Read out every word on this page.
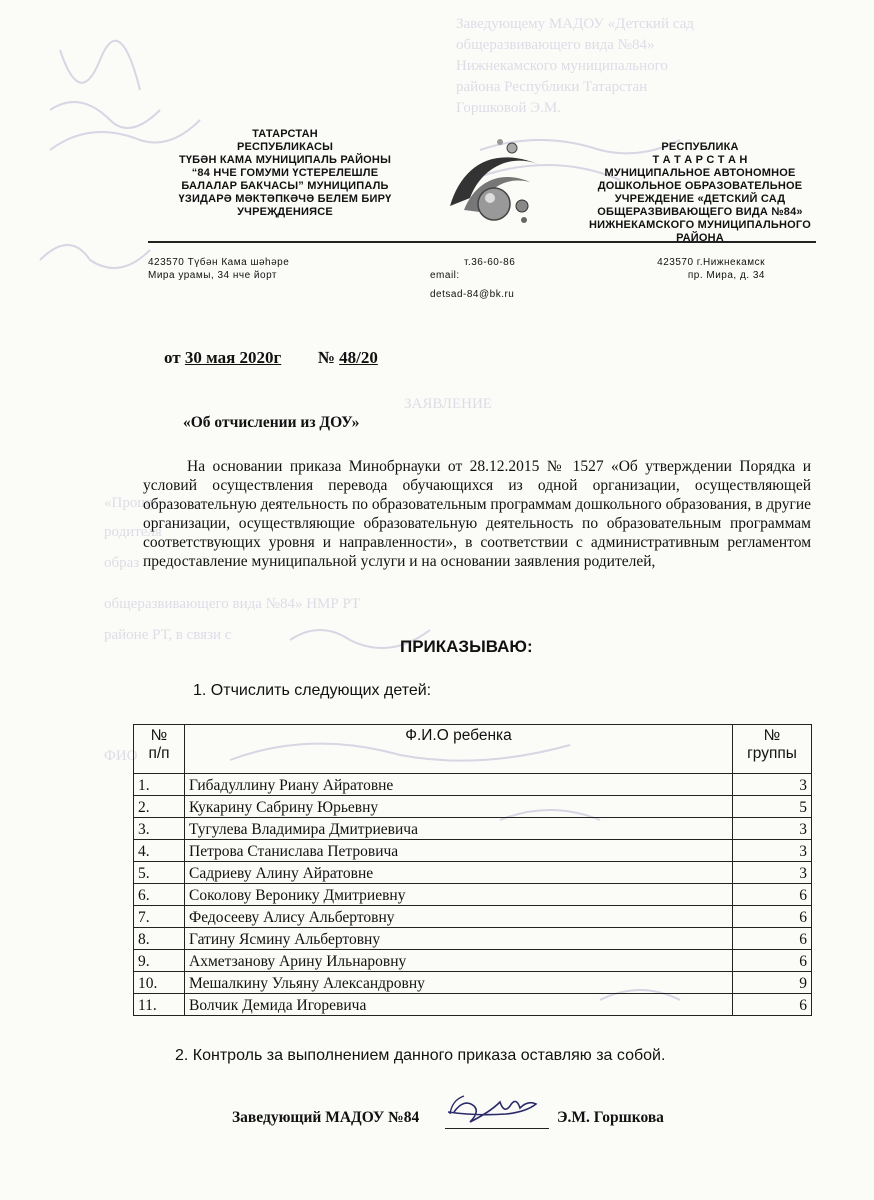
Заведующему МАДОУ «Детский сад
общеразвивающего вида №84»
Нижнекамского муниципального
района Республики Татарстан
Горшковой Э.М.
ЗАЯВЛЕНИЕ
«Прошу
родителя
образ
общеразвивающего вида №84» НМР РТ
районе РТ, в связи с
ФИО
ТАТАРСТАН
РЕСПУБЛИКАСЫ
ТҮБӘН КАМА МУНИЦИПАЛЬ РАЙОНЫ
“84 НЧЕ ГОМУМИ ҮСТЕРЕЛЕШЛЕ
БАЛАЛАР БАКЧАСЫ” МУНИЦИПАЛЬ
ҮЗИДАРӘ МӘКТӘПКӘЧӘ БЕЛЕМ БИРҮ
УЧРЕҖДЕНИЯСЕ
РЕСПУБЛИКА
Т А Т А Р С Т А Н
МУНИЦИПАЛЬНОЕ АВТОНОМНОЕ
ДОШКОЛЬНОЕ ОБРАЗОВАТЕЛЬНОЕ
УЧРЕЖДЕНИЕ «ДЕТСКИЙ САД
ОБЩЕРАЗВИВАЮЩЕГО ВИДА №84»
НИЖНЕКАМСКОГО МУНИЦИПАЛЬНОГО
РАЙОНА
423570 Түбән Кама шәһәре
Мира урамы, 34 нче йорт
т.36-60-86
email:
detsad-84@bk.ru
423570 г.Нижнекамск
пр. Мира, д. 34
от 30 мая 2020г № 48/20
«Об отчислении из ДОУ»
На основании приказа Минобрнауки от 28.12.2015 № 1527 «Об утверждении Порядка и условий осуществления перевода обучающихся из одной организации, осуществляющей образовательную деятельность по образовательным программам дошкольного образования, в другие организации, осуществляющие образовательную деятельность по образовательным программам соответствующих уровня и направленности», в соответствии с административным регламентом предоставление муниципальной услуги и на основании заявления родителей,
ПРИКАЗЫВАЮ:
1. Отчислить следующих детей:
№
п/п	Ф.И.О ребенка	№
группы

1.	Гибадуллину Риану Айратовне	3
2.	Кукарину Сабрину Юрьевну	5
3.	Тугулева Владимира Дмитриевича	3
4.	Петрова Станислава Петровича	3
5.	Садриеву Алину Айратовне	3
6.	Соколову Веронику Дмитриевну	6
7.	Федосееву Алису Альбертовну	6
8.	Гатину Ясмину Альбертовну	6
9.	Ахметзанову Арину Ильнаровну	6
10.	Мешалкину Ульяну Александровну	9
11.	Волчик Демида Игоревича	6
2. Контроль за выполнением данного приказа оставляю за собой.
Заведующий МАДОУ №84	Э.М. Горшкова
